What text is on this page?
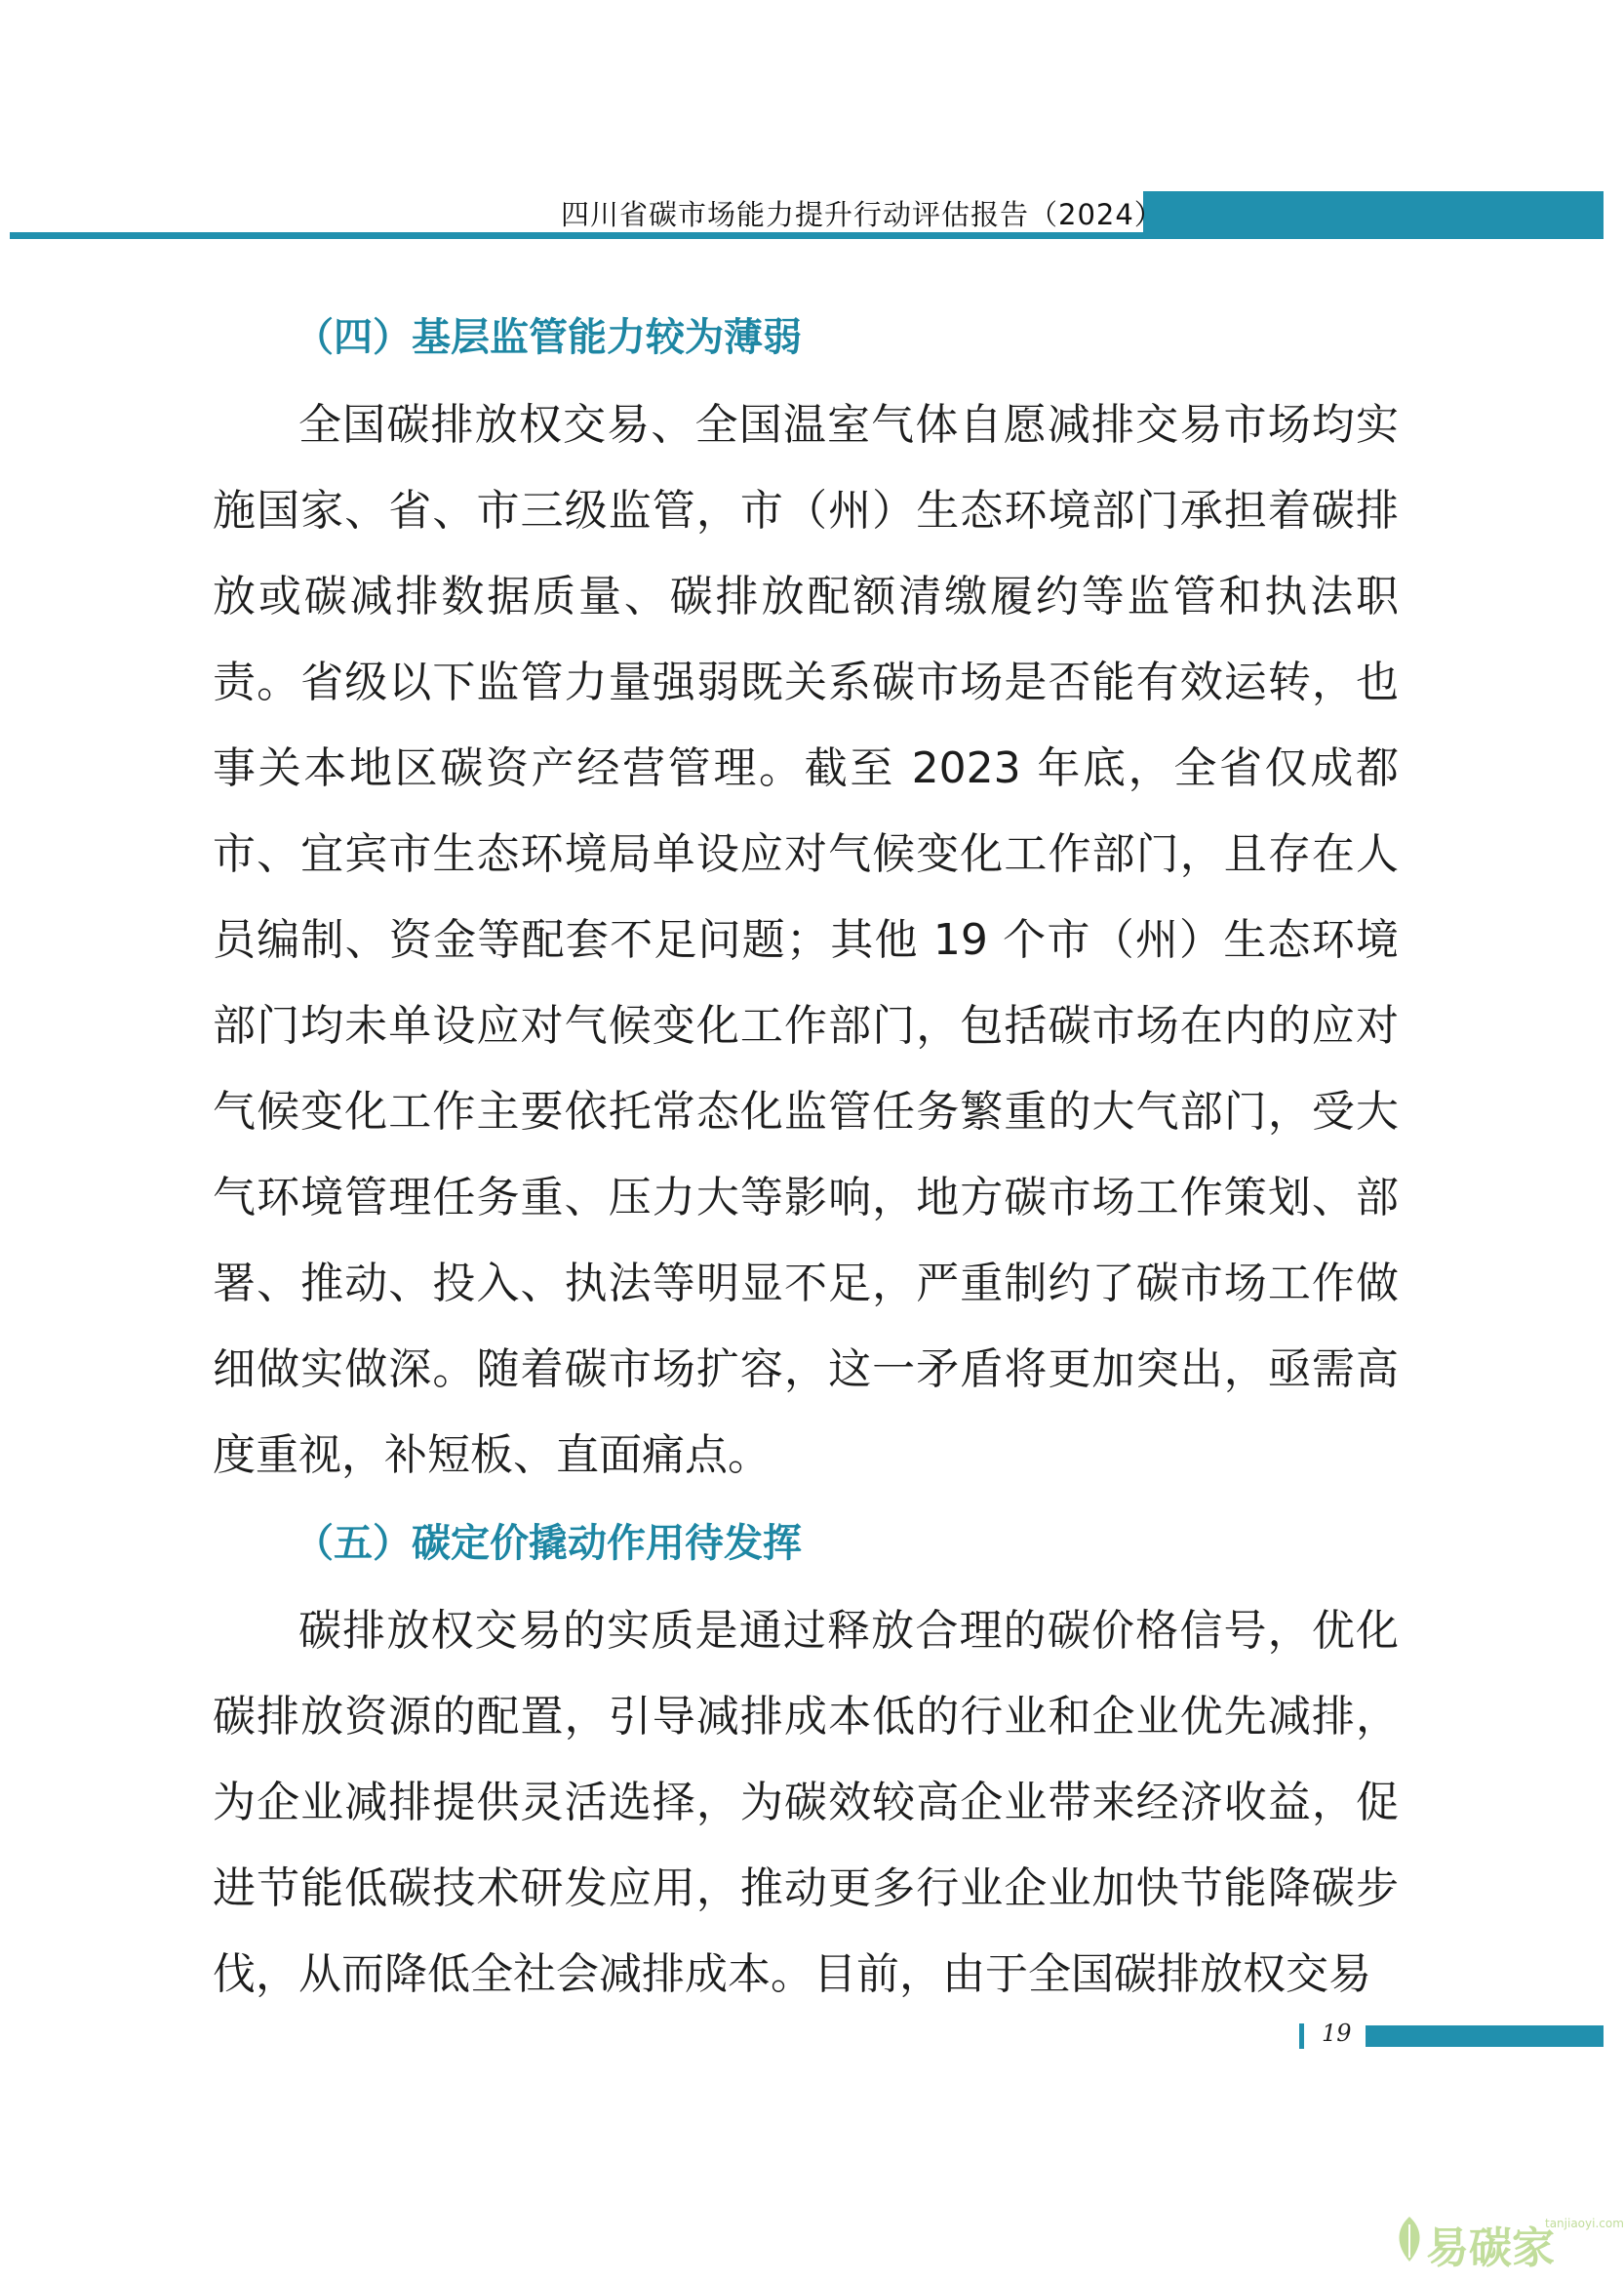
四川省碳市场能力提升行动评估报告（2024）
（四）基层监管能力较为薄弱

全国碳排放权交易、全国温室气体自愿减排交易市场均实施国家、省、市三级监管，市（州）生态环境部门承担着碳排放或碳减排数据质量、碳排放配额清缴履约等监管和执法职责。省级以下监管力量强弱既关系碳市场是否能有效运转，也事关本地区碳资产经营管理。截至 2023 年底，全省仅成都市、宜宾市生态环境局单设应对气候变化工作部门，且存在人员编制、资金等配套不足问题；其他 19 个市（州）生态环境部门均未单设应对气候变化工作部门，包括碳市场在内的应对气候变化工作主要依托常态化监管任务繁重的大气部门，受大气环境管理任务重、压力大等影响，地方碳市场工作策划、部署、推动、投入、执法等明显不足，严重制约了碳市场工作做细做实做深。随着碳市场扩容，这一矛盾将更加突出，亟需高度重视，补短板、直面痛点。

（五）碳定价撬动作用待发挥

碳排放权交易的实质是通过释放合理的碳价格信号，优化碳排放资源的配置，引导减排成本低的行业和企业优先减排，为企业减排提供灵活选择，为碳效较高企业带来经济收益，促进节能低碳技术研发应用，推动更多行业企业加快节能降碳步伐，从而降低全社会减排成本。目前，由于全国碳排放权交易

19
易碳家
tanjiaoyi.com
